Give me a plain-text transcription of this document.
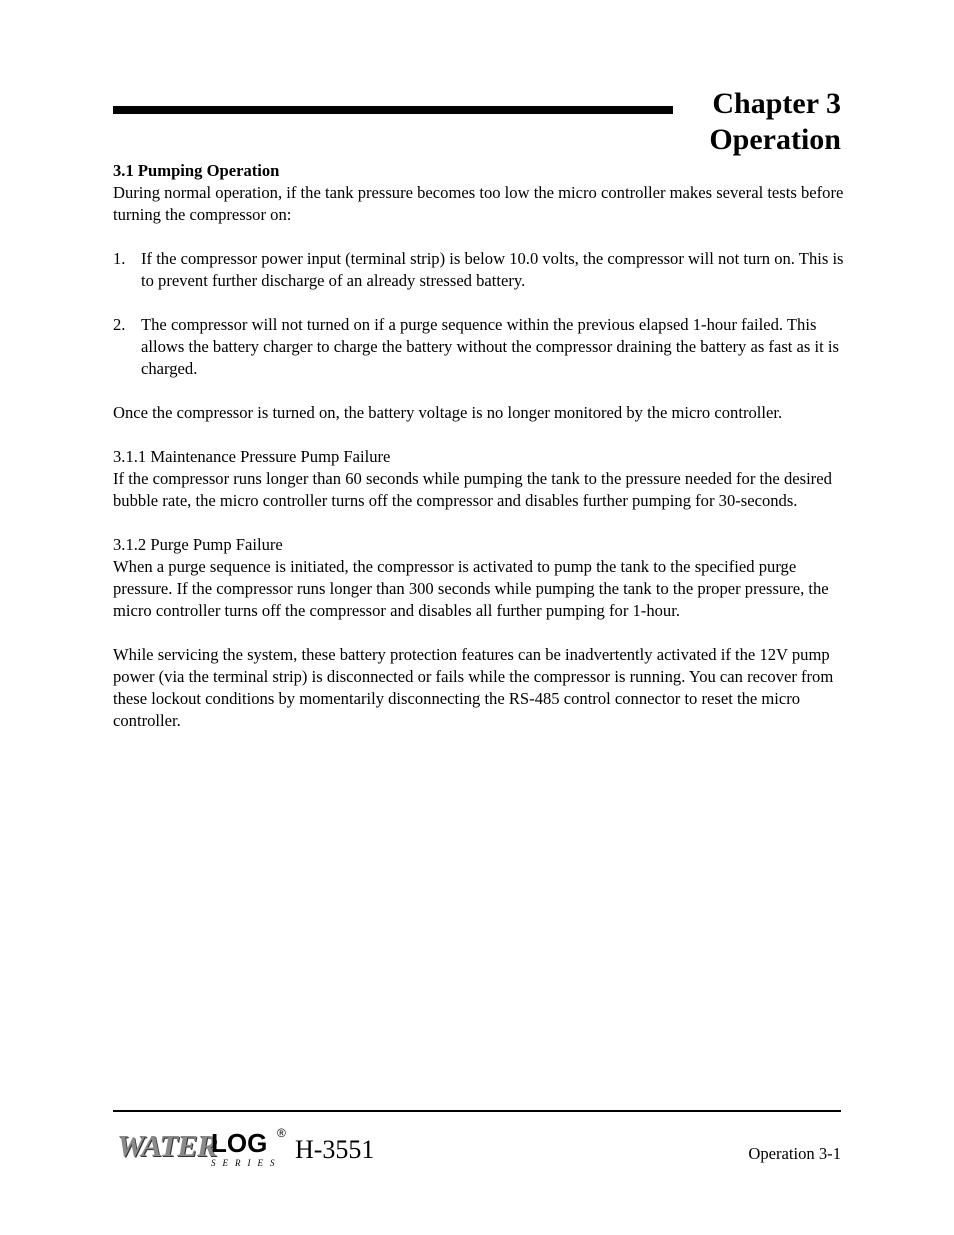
Chapter 3
Operation
3.1 Pumping Operation

During normal operation, if the tank pressure becomes too low the micro controller makes several tests before turning the compressor on:

1. If the compressor power input (terminal strip) is below 10.0 volts, the compressor will not turn on. This is to prevent further discharge of an already stressed battery.
2. The compressor will not turned on if a purge sequence within the previous elapsed 1-hour failed. This allows the battery charger to charge the battery without the compressor draining the battery as fast as it is charged.

Once the compressor is turned on, the battery voltage is no longer monitored by the micro controller.

3.1.1 Maintenance Pressure Pump Failure

If the compressor runs longer than 60 seconds while pumping the tank to the pressure needed for the desired bubble rate, the micro controller turns off the compressor and disables further pumping for 30-seconds.

3.1.2 Purge Pump Failure

When a purge sequence is initiated, the compressor is activated to pump the tank to the specified purge pressure. If the compressor runs longer than 300 seconds while pumping the tank to the proper pressure, the micro controller turns off the compressor and disables all further pumping for 1-hour.

While servicing the system, these battery protection features can be inadvertently activated if the 12V pump power (via the terminal strip) is disconnected or fails while the compressor is running. You can recover from these lockout conditions by momentarily disconnecting the RS-485 control connector to reset the micro controller.

WATER
LOG ®
SERIES H-3551	Operation 3-1
